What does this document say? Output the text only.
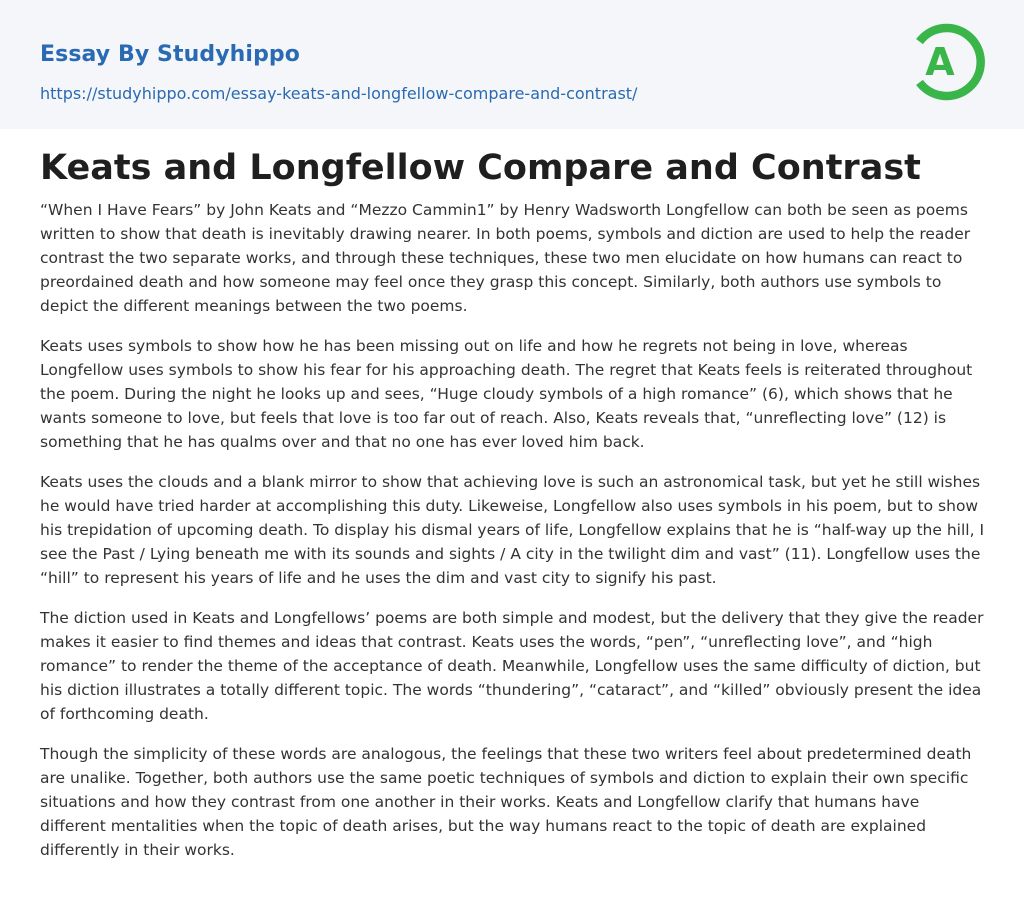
Essay By Studyhippo
https://studyhippo.com/essay-keats-and-longfellow-compare-and-contrast/
A
Keats and Longfellow Compare and Contrast

“When I Have Fears” by John Keats and “Mezzo Cammin1” by Henry Wadsworth Longfellow can both be seen as poems written to show that death is inevitably drawing nearer. In both poems, symbols and diction are used to help the reader contrast the two separate works, and through these techniques, these two men elucidate on how humans can react to preordained death and how someone may feel once they grasp this concept. Similarly, both authors use symbols to depict the different meanings between the two poems.

Keats uses symbols to show how he has been missing out on life and how he regrets not being in love, whereas Longfellow uses symbols to show his fear for his approaching death. The regret that Keats feels is reiterated throughout the poem. During the night he looks up and sees, “Huge cloudy symbols of a high romance” (6), which shows that he wants someone to love, but feels that love is too far out of reach. Also, Keats reveals that, “unreflecting love” (12) is something that he has qualms over and that no one has ever loved him back.

Keats uses the clouds and a blank mirror to show that achieving love is such an astronomical task, but yet he still wishes he would have tried harder at accomplishing this duty. Likeweise, Longfellow also uses symbols in his poem, but to show his trepidation of upcoming death. To display his dismal years of life, Longfellow explains that he is “half-way up the hill, I see the Past / Lying beneath me with its sounds and sights / A city in the twilight dim and vast” (11). Longfellow uses the “hill” to represent his years of life and he uses the dim and vast city to signify his past.

The diction used in Keats and Longfellows’ poems are both simple and modest, but the delivery that they give the reader makes it easier to find themes and ideas that contrast. Keats uses the words, “pen”, “unreflecting love”, and “high romance” to render the theme of the acceptance of death. Meanwhile, Longfellow uses the same difficulty of diction, but his diction illustrates a totally different topic. The words “thundering”, “cataract”, and “killed” obviously present the idea of forthcoming death.

Though the simplicity of these words are analogous, the feelings that these two writers feel about predetermined death are unalike. Together, both authors use the same poetic techniques of symbols and diction to explain their own specific situations and how they contrast from one another in their works. Keats and Longfellow clarify that humans have different mentalities when the topic of death arises, but the way humans react to the topic of death are explained differently in their works.
